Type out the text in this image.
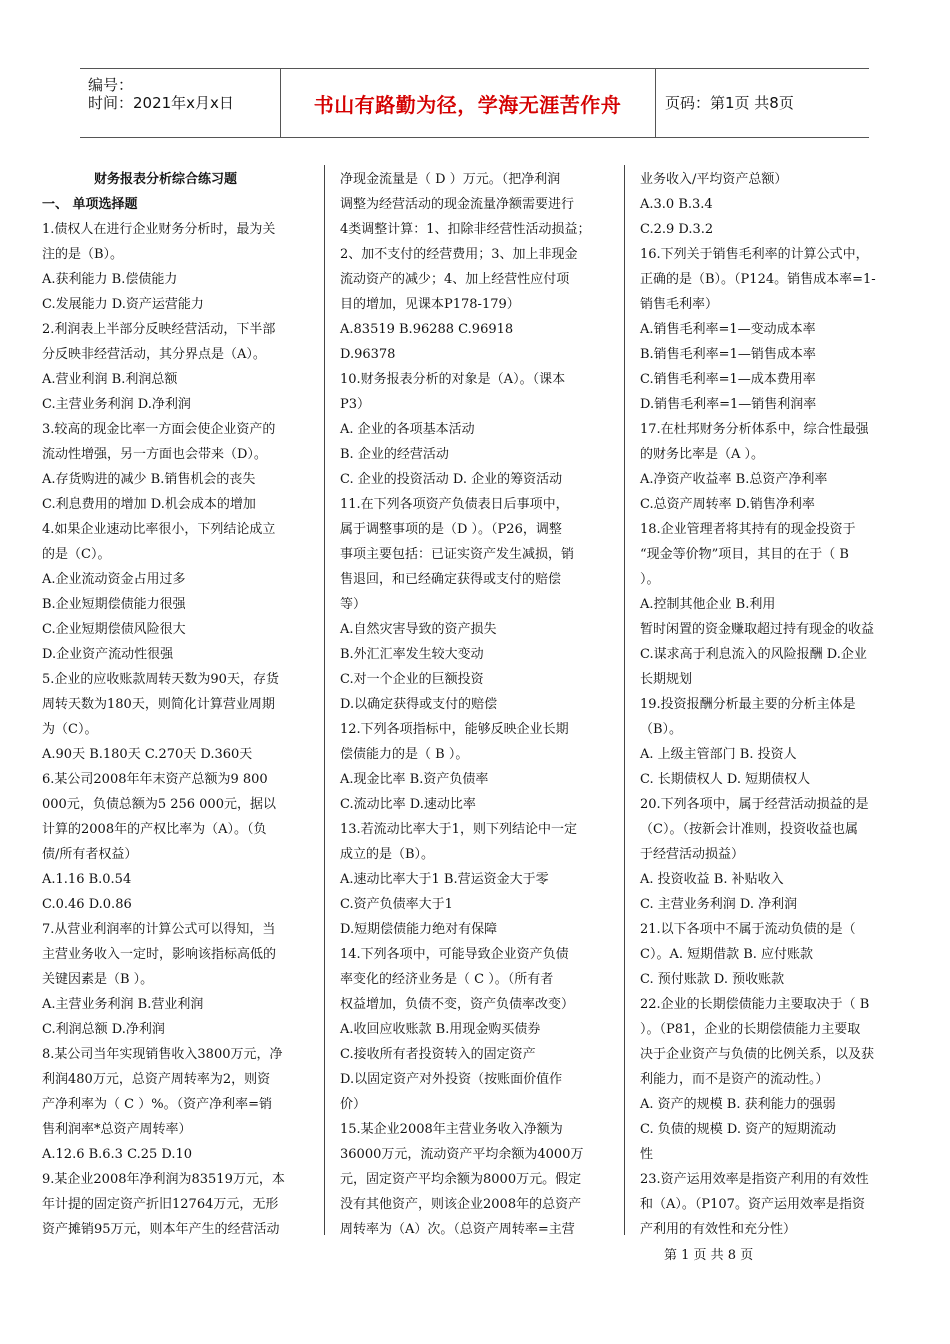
编号：
时间：2021年x月x日	书山有路勤为径，学海无涯苦作舟	页码：第1页 共8页
财务报表分析综合练习题
一、 单项选择题
1.债权人在进行企业财务分析时，最为关
注的是（B）。
A.获利能力 B.偿债能力
C.发展能力 D.资产运营能力
2.利润表上半部分反映经营活动，下半部
分反映非经营活动，其分界点是（A）。
A.营业利润 B.利润总额
C.主营业务利润 D.净利润
3.较高的现金比率一方面会使企业资产的
流动性增强，另一方面也会带来（D）。
A.存货购进的减少 B.销售机会的丧失
C.利息费用的增加 D.机会成本的增加
4.如果企业速动比率很小，下列结论成立
的是（C）。
A.企业流动资金占用过多
B.企业短期偿债能力很强
C.企业短期偿债风险很大
D.企业资产流动性很强
5.企业的应收账款周转天数为90天，存货
周转天数为180天，则简化计算营业周期
为（C）。
A.90天 B.180天 C.270天 D.360天
6.某公司2008年年末资产总额为9 800
000元，负债总额为5 256 000元，据以
计算的2008年的产权比率为（A）。（负
债/所有者权益）
A.1.16 B.0.54
C.0.46 D.0.86
7.从营业利润率的计算公式可以得知，当
主营业务收入一定时，影响该指标高低的
关键因素是（B ）。
A.主营业务利润 B.营业利润
C.利润总额 D.净利润
8.某公司当年实现销售收入3800万元，净
利润480万元，总资产周转率为2，则资
产净利率为（ C ）%。（资产净利率=销
售利润率*总资产周转率）
A.12.6 B.6.3 C.25 D.10
9.某企业2008年净利润为83519万元，本
年计提的固定资产折旧12764万元，无形
资产摊销95万元，则本年产生的经营活动
净现金流量是（ D ）万元。（把净利润
调整为经营活动的现金流量净额需要进行
4类调整计算：1、扣除非经营性活动损益；
2、加不支付的经营费用；3、加上非现金
流动资产的减少；4、加上经营性应付项
目的增加，见课本P178-179）
A.83519 B.96288 C.96918
D.96378
10.财务报表分析的对象是（A）。（课本
P3）
A. 企业的各项基本活动
B. 企业的经营活动
C. 企业的投资活动 D. 企业的筹资活动
11.在下列各项资产负债表日后事项中，
属于调整事项的是（D ）。（P26，调整
事项主要包括：已证实资产发生减损，销
售退回，和已经确定获得或支付的赔偿
等）
A.自然灾害导致的资产损失
B.外汇汇率发生较大变动
C.对一个企业的巨额投资
D.以确定获得或支付的赔偿
12.下列各项指标中，能够反映企业长期
偿债能力的是（ B ）。
A.现金比率 B.资产负债率
C.流动比率 D.速动比率
13.若流动比率大于1，则下列结论中一定
成立的是（B）。
A.速动比率大于1 B.营运资金大于零
C.资产负债率大于1
D.短期偿债能力绝对有保障
14.下列各项中，可能导致企业资产负债
率变化的经济业务是（ C ）。（所有者
权益增加，负债不变，资产负债率改变）
A.收回应收账款 B.用现金购买债券
C.接收所有者投资转入的固定资产
D.以固定资产对外投资（按账面价值作
价）
15.某企业2008年主营业务收入净额为
36000万元，流动资产平均余额为4000万
元，固定资产平均余额为8000万元。假定
没有其他资产，则该企业2008年的总资产
周转率为（A）次。（总资产周转率=主营
业务收入/平均资产总额）
A.3.0 B.3.4
C.2.9 D.3.2
16.下列关于销售毛利率的计算公式中，
正确的是（B）。（P124。销售成本率=1-
销售毛利率）
A.销售毛利率=1—变动成本率
B.销售毛利率=1—销售成本率
C.销售毛利率=1—成本费用率
D.销售毛利率=1—销售利润率
17.在杜邦财务分析体系中，综合性最强
的财务比率是（A ）。
A.净资产收益率 B.总资产净利率
C.总资产周转率 D.销售净利率
18.企业管理者将其持有的现金投资于
“现金等价物”项目，其目的在于（ B
）。
A.控制其他企业 B.利用
暂时闲置的资金赚取超过持有现金的收益
C.谋求高于利息流入的风险报酬 D.企业
长期规划
19.投资报酬分析最主要的分析主体是
（B）。
A. 上级主管部门 B. 投资人
C. 长期债权人 D. 短期债权人
20.下列各项中，属于经营活动损益的是
（C）。（按新会计准则，投资收益也属
于经营活动损益）
A. 投资收益 B. 补贴收入
C. 主营业务利润 D. 净利润
21.以下各项中不属于流动负债的是（
C）。A. 短期借款 B. 应付账款
C. 预付账款 D. 预收账款
22.企业的长期偿债能力主要取决于（ B
）。（P81，企业的长期偿债能力主要取
决于企业资产与负债的比例关系，以及获
利能力，而不是资产的流动性。）
A. 资产的规模 B. 获利能力的强弱
C. 负债的规模 D. 资产的短期流动
性
23.资产运用效率是指资产利用的有效性
和（A）。（P107。资产运用效率是指资
产利用的有效性和充分性）
第 1 页 共 8 页
